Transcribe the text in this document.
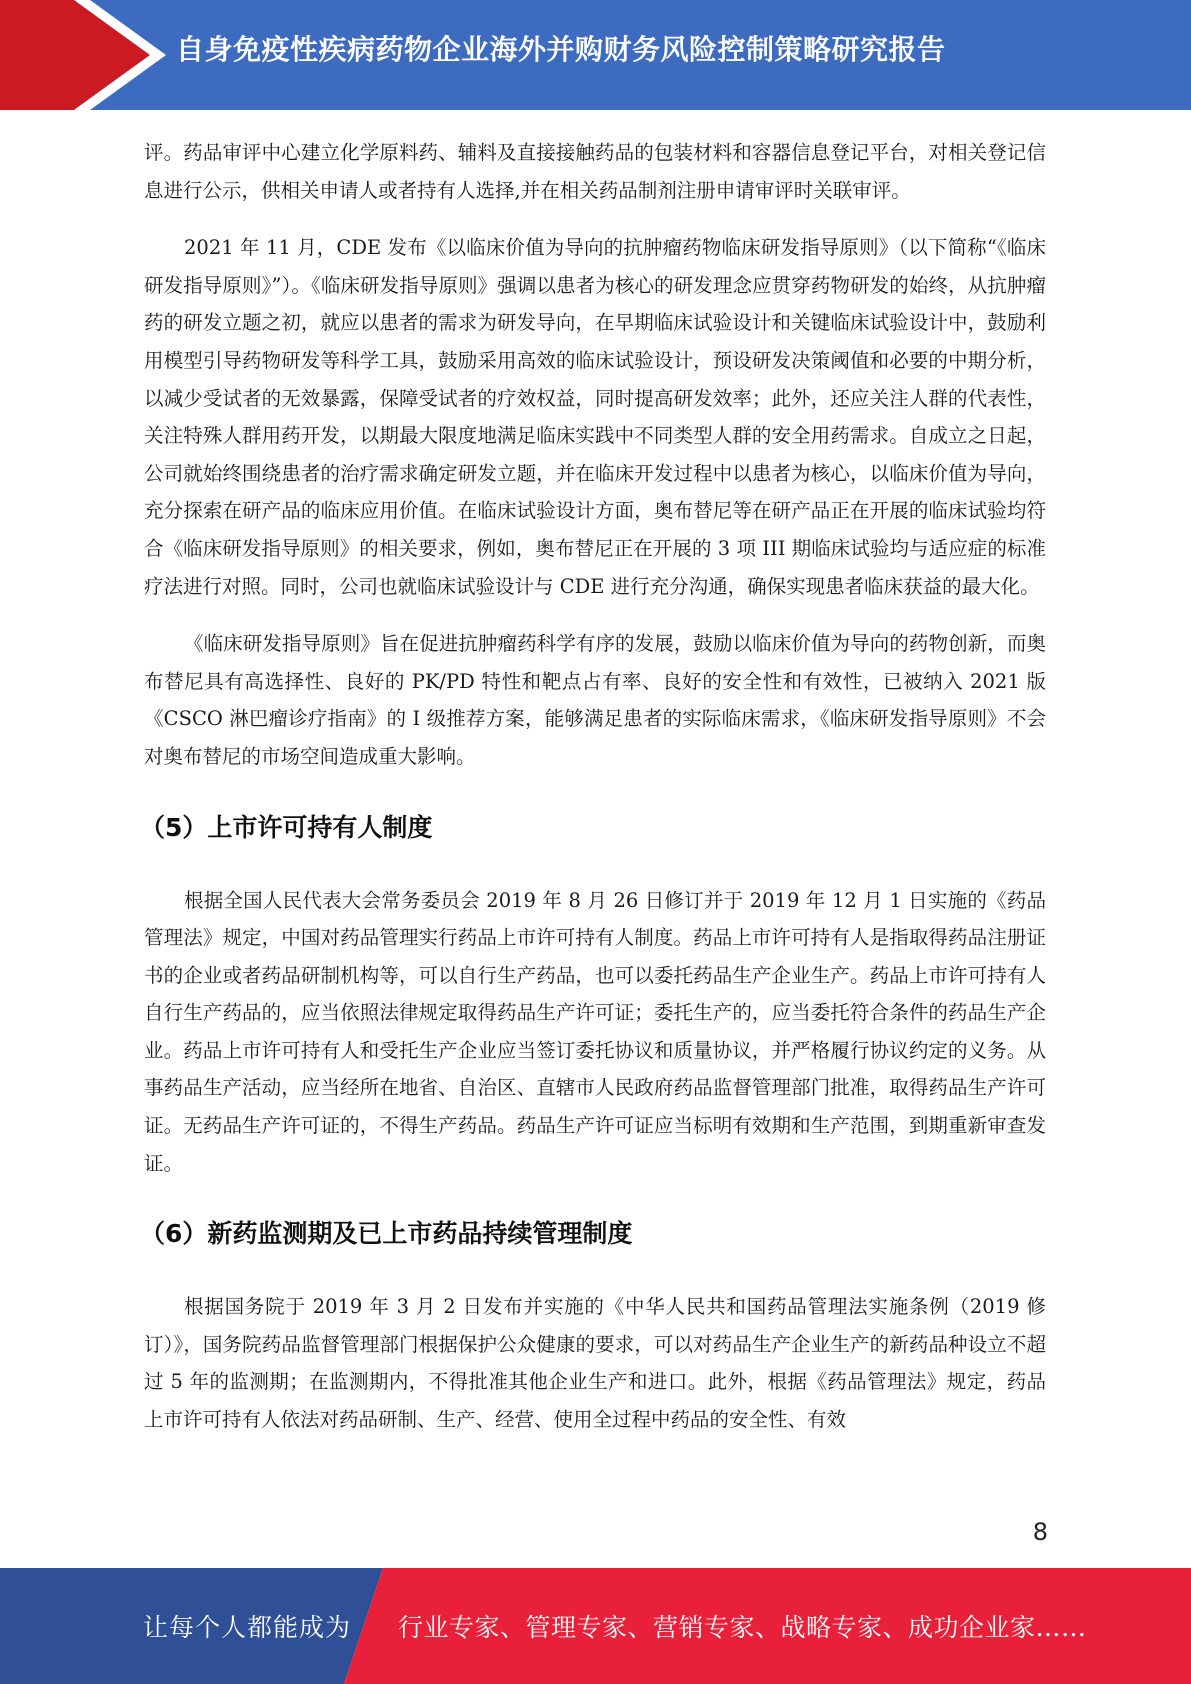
自身免疫性疾病药物企业海外并购财务风险控制策略研究报告

评。药品审评中心建立化学原料药、辅料及直接接触药品的包装材料和容器信息登记平台，对相关登记信息进行公示，供相关申请人或者持有人选择,并在相关药品制剂注册申请审评时关联审评。

2021 年 11 月，CDE 发布《以临床价值为导向的抗肿瘤药物临床研发指导原则》（以下简称“《临床研发指导原则》”）。《临床研发指导原则》强调以患者为核心的研发理念应贯穿药物研发的始终，从抗肿瘤药的研发立题之初，就应以患者的需求为研发导向，在早期临床试验设计和关键临床试验设计中，鼓励利用模型引导药物研发等科学工具，鼓励采用高效的临床试验设计，预设研发决策阈值和必要的中期分析，以减少受试者的无效暴露，保障受试者的疗效权益，同时提高研发效率；此外，还应关注人群的代表性，关注特殊人群用药开发，以期最大限度地满足临床实践中不同类型人群的安全用药需求。自成立之日起，公司就始终围绕患者的治疗需求确定研发立题，并在临床开发过程中以患者为核心，以临床价值为导向，充分探索在研产品的临床应用价值。在临床试验设计方面，奥布替尼等在研产品正在开展的临床试验均符合《临床研发指导原则》的相关要求，例如，奥布替尼正在开展的 3 项 III 期临床试验均与适应症的标准疗法进行对照。同时，公司也就临床试验设计与 CDE 进行充分沟通，确保实现患者临床获益的最大化。

《临床研发指导原则》旨在促进抗肿瘤药科学有序的发展，鼓励以临床价值为导向的药物创新，而奥布替尼具有高选择性、良好的 PK/PD 特性和靶点占有率、良好的安全性和有效性，已被纳入 2021 版《CSCO 淋巴瘤诊疗指南》的 I 级推荐方案，能够满足患者的实际临床需求，《临床研发指导原则》不会对奥布替尼的市场空间造成重大影响。

（5）上市许可持有人制度

根据全国人民代表大会常务委员会 2019 年 8 月 26 日修订并于 2019 年 12 月 1 日实施的《药品管理法》规定，中国对药品管理实行药品上市许可持有人制度。药品上市许可持有人是指取得药品注册证书的企业或者药品研制机构等，可以自行生产药品，也可以委托药品生产企业生产。药品上市许可持有人自行生产药品的，应当依照法律规定取得药品生产许可证；委托生产的，应当委托符合条件的药品生产企业。药品上市许可持有人和受托生产企业应当签订委托协议和质量协议，并严格履行协议约定的义务。从事药品生产活动，应当经所在地省、自治区、直辖市人民政府药品监督管理部门批准，取得药品生产许可证。无药品生产许可证的，不得生产药品。药品生产许可证应当标明有效期和生产范围，到期重新审查发证。

（6）新药监测期及已上市药品持续管理制度

根据国务院于 2019 年 3 月 2 日发布并实施的《中华人民共和国药品管理法实施条例（2019 修订）》，国务院药品监督管理部门根据保护公众健康的要求，可以对药品生产企业生产的新药品种设立不超过 5 年的监测期；在监测期内，不得批准其他企业生产和进口。此外，根据《药品管理法》规定，药品上市许可持有人依法对药品研制、生产、经营、使用全过程中药品的安全性、有效

8
让每个人都能成为 行业专家、管理专家、营销专家、战略专家、成功企业家……
